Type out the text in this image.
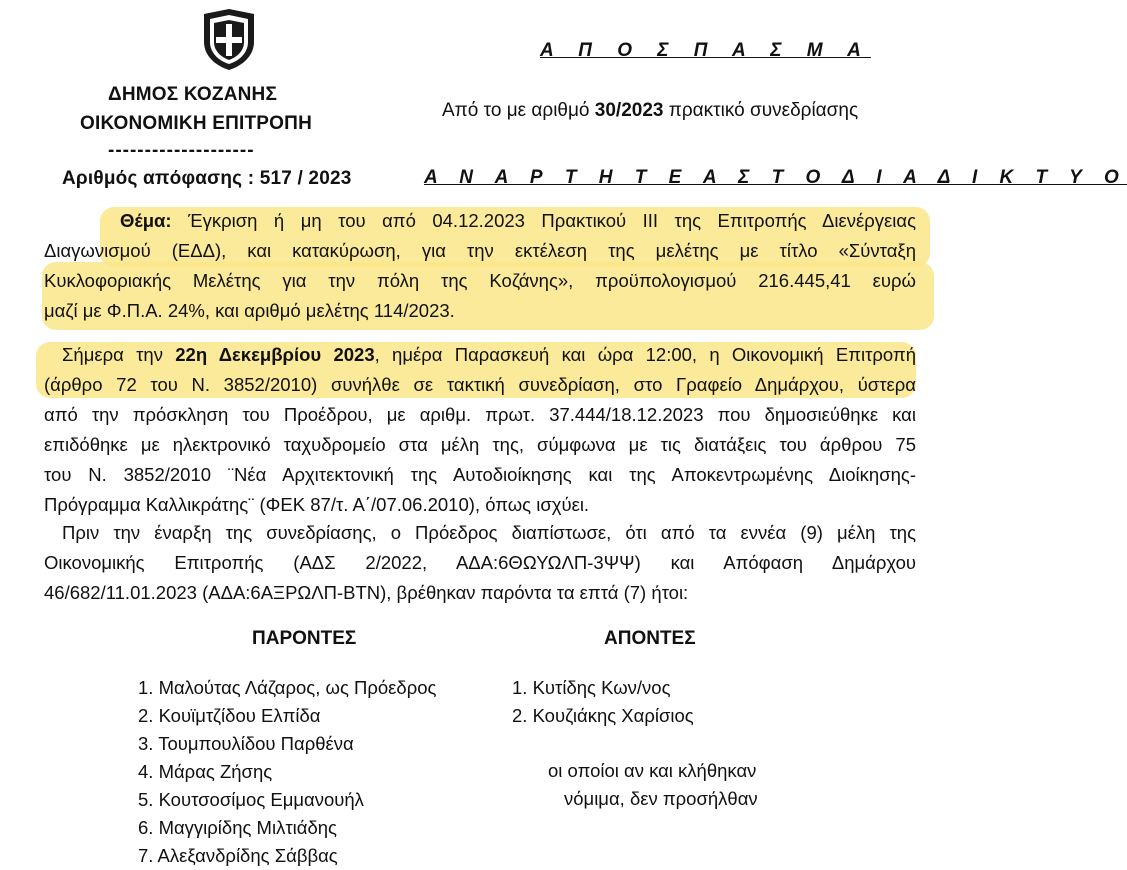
ΔΗΜΟΣ ΚΟΖΑΝΗΣ
ΟΙΚΟΝΟΜΙΚΗ ΕΠΙΤΡΟΠΗ
--------------------
Αριθμός απόφασης : 517 / 2023
Α Π Ο Σ Π Α Σ Μ Α
Από το με αριθμό 30/2023 πρακτικό συνεδρίασης
Α Ν Α Ρ Τ Η Τ Ε Α Σ Τ Ο Δ Ι Α Δ Ι Κ Τ Υ Ο
Θέμα: Έγκριση ή μη του από 04.12.2023 Πρακτικού ΙΙΙ της Επιτροπής Διενέργειας
Διαγωνισμού (ΕΔΔ), και κατακύρωση, για την εκτέλεση της μελέτης με τίτλο «Σύνταξη
Κυκλοφοριακής Μελέτης για την πόλη της Κοζάνης», προϋπολογισμού 216.445,41 ευρώ
μαζί με Φ.Π.Α. 24%, και αριθμό μελέτης 114/2023.
Σήμερα την 22η Δεκεμβρίου 2023, ημέρα Παρασκευή και ώρα 12:00, η Οικονομική Επιτροπή
(άρθρο 72 του Ν. 3852/2010) συνήλθε σε τακτική συνεδρίαση, στο Γραφείο Δημάρχου, ύστερα
από την πρόσκληση του Προέδρου, με αριθμ. πρωτ. 37.444/18.12.2023 που δημοσιεύθηκε και
επιδόθηκε με ηλεκτρονικό ταχυδρομείο στα μέλη της, σύμφωνα με τις διατάξεις του άρθρου 75
του Ν. 3852/2010 ¨Νέα Αρχιτεκτονική της Αυτοδιοίκησης και της Αποκεντρωμένης Διοίκησης-
Πρόγραμμα Καλλικράτης¨ (ΦΕΚ 87/τ. Α΄/07.06.2010), όπως ισχύει.
Πριν την έναρξη της συνεδρίασης, ο Πρόεδρος διαπίστωσε, ότι από τα εννέα (9) μέλη της
Οικονομικής Επιτροπής (ΑΔΣ 2/2022, ΑΔΑ:6ΘΩΥΩΛΠ-3ΨΨ) και Απόφαση Δημάρχου
46/682/11.01.2023 (ΑΔΑ:6ΑΞΡΩΛΠ-ΒΤΝ), βρέθηκαν παρόντα τα επτά (7) ήτοι:
ΠΑΡΟΝΤΕΣ
1. Μαλούτας Λάζαρος, ως Πρόεδρος
2. Κουϊμτζίδου Ελπίδα
3. Τουμπουλίδου Παρθένα
4. Μάρας Ζήσης
5. Κουτσοσίμος Εμμανουήλ
6. Μαγγιρίδης Μιλτιάδης
7. Αλεξανδρίδης Σάββας
ΑΠΟΝΤΕΣ
1. Κυτίδης Κων/νος
2. Κουζιάκης Χαρίσιος
οι οποίοι αν και κλήθηκαν
νόμιμα, δεν προσήλθαν
